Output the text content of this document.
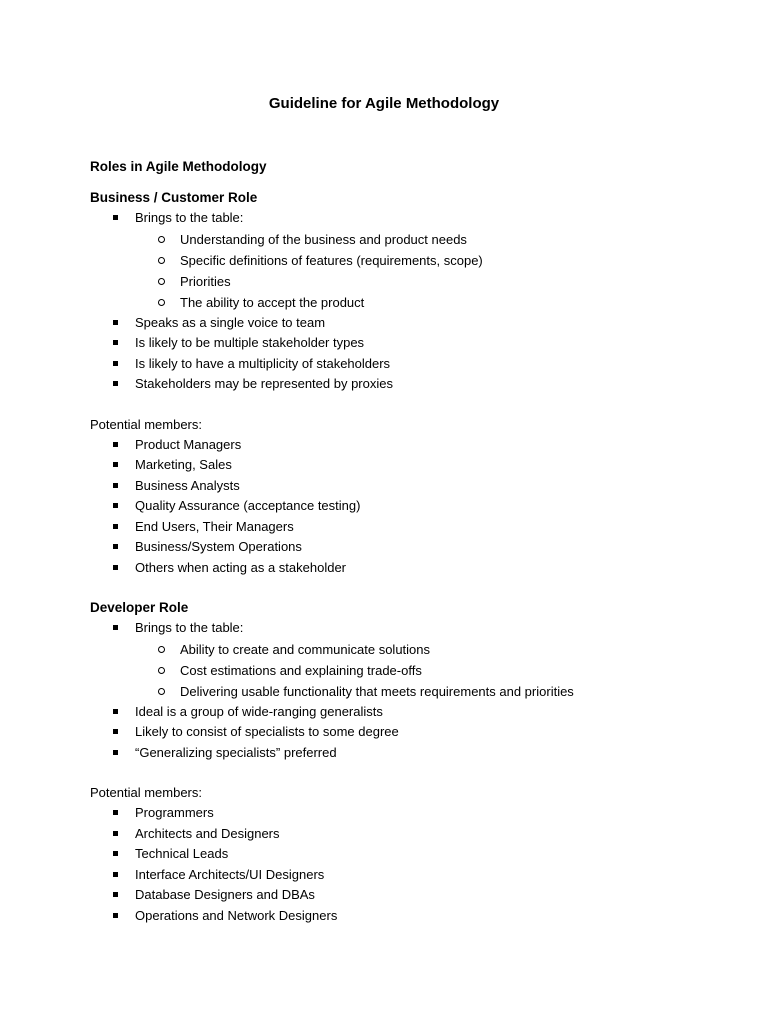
Guideline for Agile Methodology
Roles in Agile Methodology
Business / Customer Role
Brings to the table:
Understanding of the business and product needs
Specific definitions of features (requirements, scope)
Priorities
The ability to accept the product
Speaks as a single voice to team
Is likely to be multiple stakeholder types
Is likely to have a multiplicity of stakeholders
Stakeholders may be represented by proxies
Potential members:
Product Managers
Marketing, Sales
Business Analysts
Quality Assurance (acceptance testing)
End Users, Their Managers
Business/System Operations
Others when acting as a stakeholder
Developer Role
Brings to the table:
Ability to create and communicate solutions
Cost estimations and explaining trade-offs
Delivering usable functionality that meets requirements and priorities
Ideal is a group of wide-ranging generalists
Likely to consist of specialists to some degree
“Generalizing specialists” preferred
Potential members:
Programmers
Architects and Designers
Technical Leads
Interface Architects/UI Designers
Database Designers and DBAs
Operations and Network Designers
